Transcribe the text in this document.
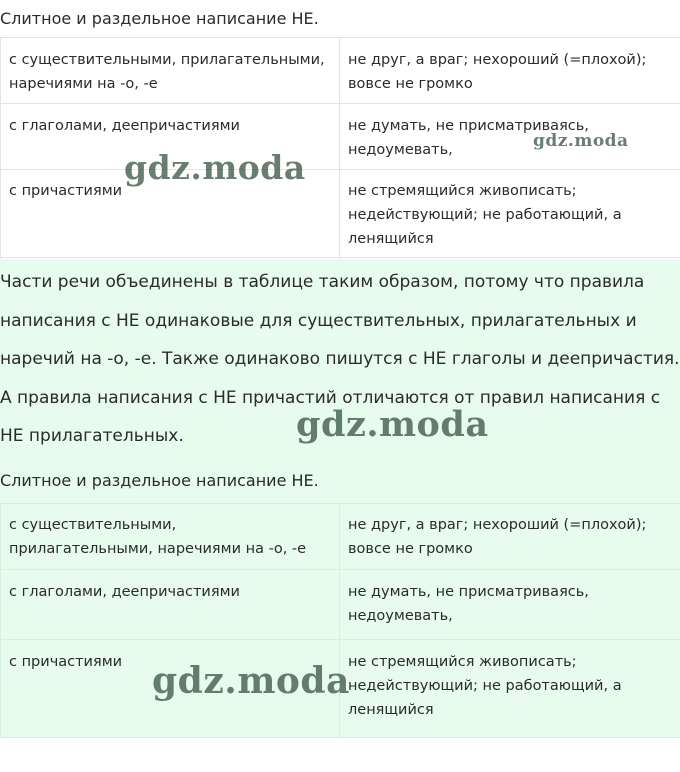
Слитное и раздельное написание НЕ.
с существительными, прилагательными,
наречиями на -о, -е	не друг, а враг; нехороший (=плохой);
вовсе не громко
с глаголами, деепричастиями	не думать, не присматриваясь,
недоумевать,
с причастиями	не стремящийся живописать;
недействующий; не работающий, а
ленящийся
Части речи объединены в таблице таким образом, потому что правила
написания с НЕ одинаковые для существительных, прилагательных и
наречий на -о, -е. Также одинаково пишутся с НЕ глаголы и деепричастия.
А правила написания с НЕ причастий отличаются от правил написания с
НЕ прилагательных.
Слитное и раздельное написание НЕ.
с существительными,
прилагательными, наречиями на -о, -е	не друг, а враг; нехороший (=плохой);
вовсе не громко
с глаголами, деепричастиями	не думать, не присматриваясь,
недоумевать,
с причастиями	не стремящийся живописать;
недействующий; не работающий, а
ленящийся
gdz.moda
gdz.moda
gdz.moda
gdz.moda
